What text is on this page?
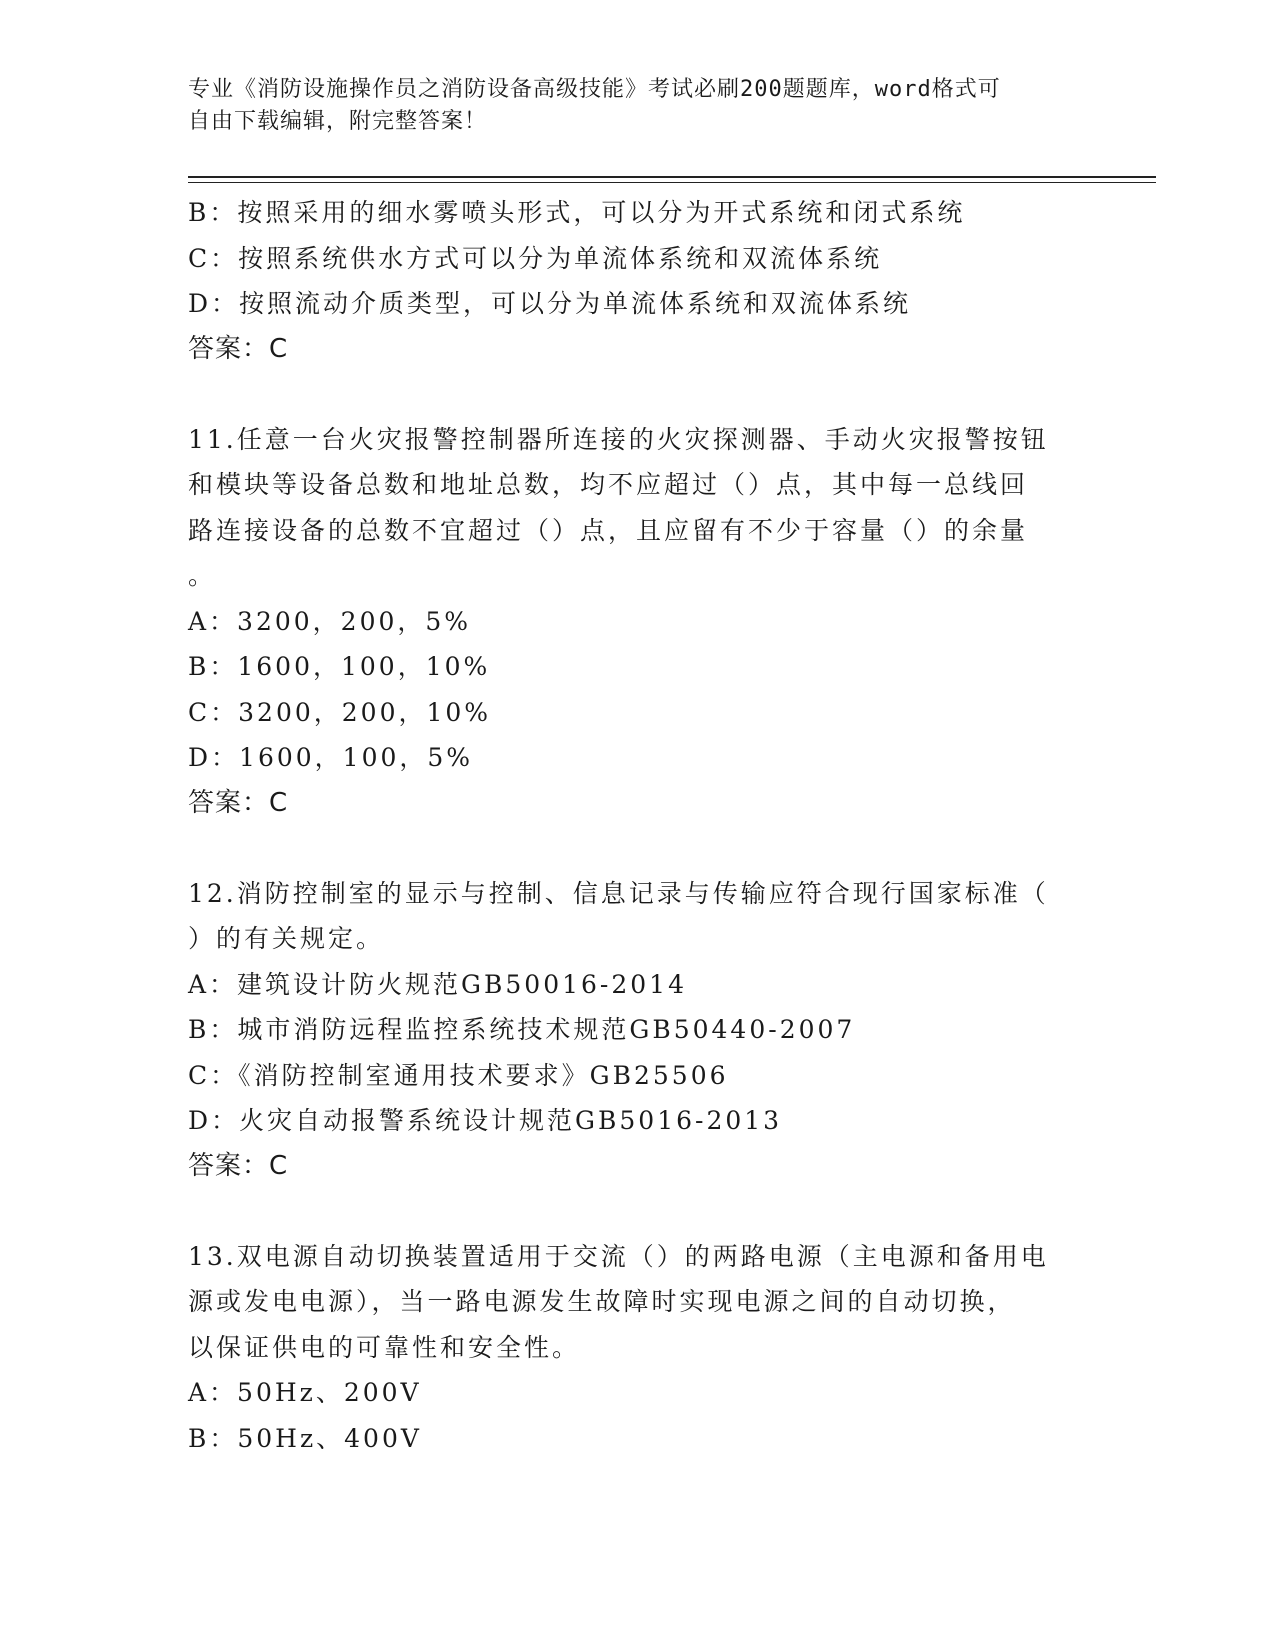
专业《消防设施操作员之消防设备高级技能》考试必刷200题题库，word格式可
自由下载编辑，附完整答案！
B：按照采用的细水雾喷头形式，可以分为开式系统和闭式系统
C：按照系统供水方式可以分为单流体系统和双流体系统
D：按照流动介质类型，可以分为单流体系统和双流体系统
答案：C
11.任意一台火灾报警控制器所连接的火灾探测器、手动火灾报警按钮
和模块等设备总数和地址总数，均不应超过（）点，其中每一总线回
路连接设备的总数不宜超过（）点，且应留有不少于容量（）的余量
。
A：3200，200，5%
B：1600，100，10%
C：3200，200，10%
D：1600，100，5%
答案：C
12.消防控制室的显示与控制、信息记录与传输应符合现行国家标准（
）的有关规定。
A：建筑设计防火规范GB50016-2014
B：城市消防远程监控系统技术规范GB50440-2007
C：《消防控制室通用技术要求》GB25506
D：火灾自动报警系统设计规范GB5016-2013
答案：C
13.双电源自动切换装置适用于交流（）的两路电源（主电源和备用电
源或发电电源），当一路电源发生故障时实现电源之间的自动切换，
以保证供电的可靠性和安全性。
A：50Hz、200V
B：50Hz、400V
